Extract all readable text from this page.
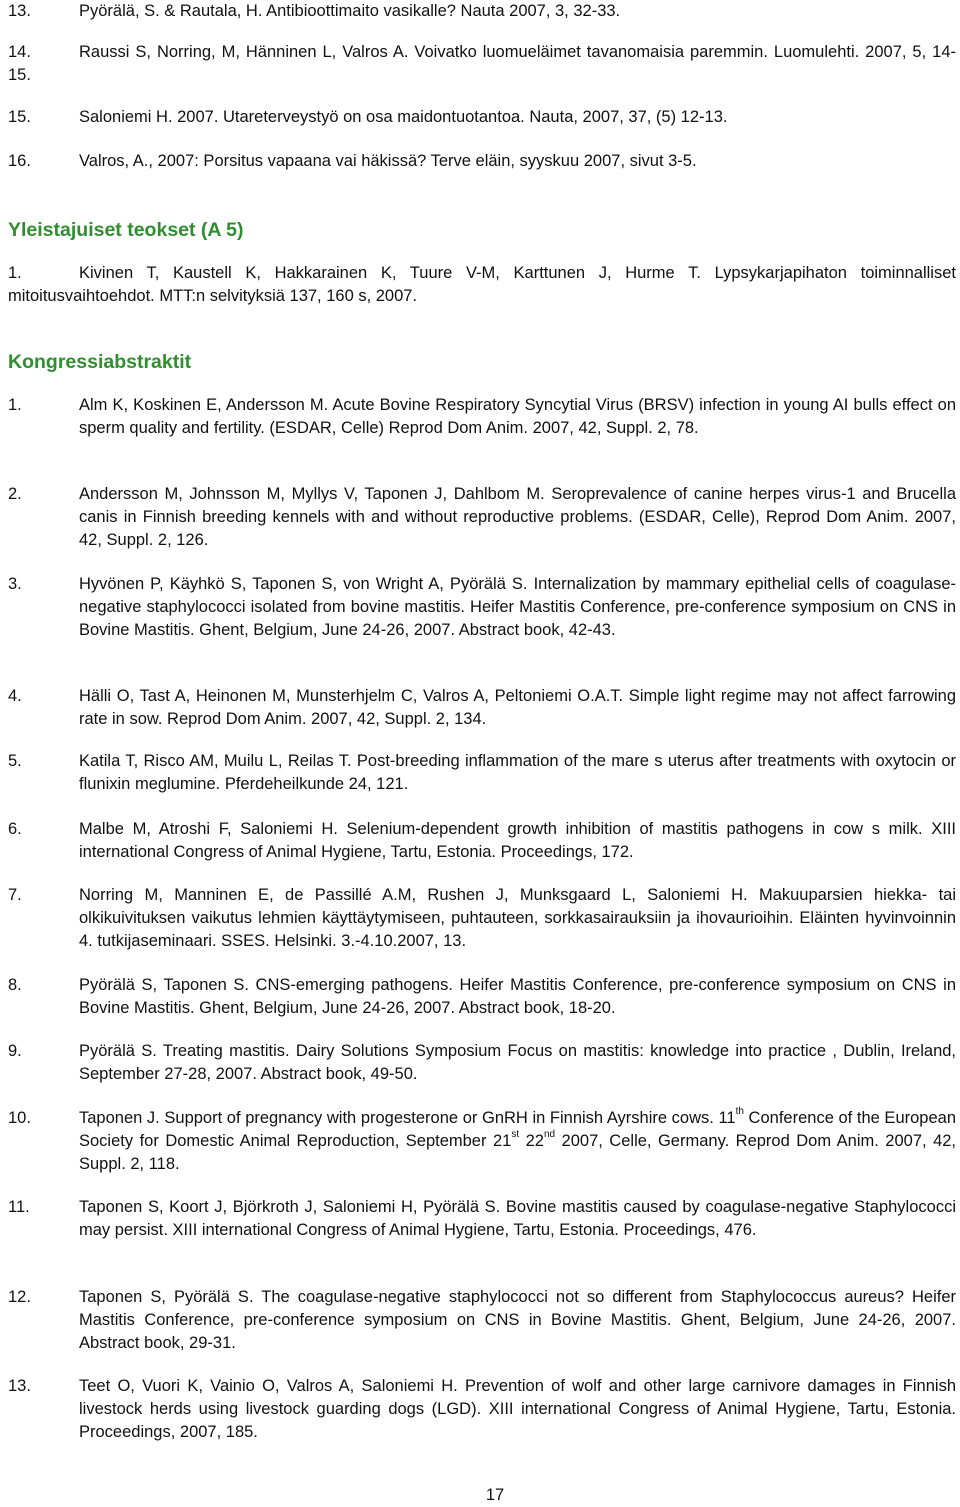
13.	Pyörälä, S. & Rautala, H. Antibioottimaito vasikalle? Nauta 2007, 3, 32-33.
14.	Raussi S, Norring, M, Hänninen L, Valros A. Voivatko luomueläimet tavanomaisia paremmin. Luomulehti. 2007, 5, 14-15.
15.	Saloniemi H. 2007. Utareterveystyö on osa maidontuotantoa. Nauta, 2007, 37, (5) 12-13.
16.	Valros, A., 2007: Porsitus vapaana vai häkissä? Terve eläin, syyskuu 2007, sivut 3-5.
Yleistajuiset teokset (A 5)
1.	Kivinen T, Kaustell K, Hakkarainen K, Tuure V-M, Karttunen J, Hurme T. Lypsykarjapihaton toiminnalliset mitoitusvaihtoehdot. MTT:n selvityksiä 137, 160 s, 2007.
Kongressiabstraktit
1.	Alm K, Koskinen E, Andersson M. Acute Bovine Respiratory Syncytial Virus (BRSV) infection in young AI bulls effect on sperm quality and fertility. (ESDAR, Celle) Reprod Dom Anim. 2007, 42, Suppl. 2, 78.
2.	Andersson M, Johnsson M, Myllys V, Taponen J, Dahlbom M. Seroprevalence of canine herpes virus-1 and Brucella canis in Finnish breeding kennels with and without reproductive problems. (ESDAR, Celle), Reprod Dom Anim. 2007, 42, Suppl. 2, 126.
3.	Hyvönen P, Käyhkö S, Taponen S, von Wright A, Pyörälä S. Internalization by mammary epithelial cells of coagulase-negative staphylococci isolated from bovine mastitis. Heifer Mastitis Conference, pre-conference symposium on CNS in Bovine Mastitis. Ghent, Belgium, June 24-26, 2007. Abstract book, 42-43.
4.	Hälli O, Tast A, Heinonen M, Munsterhjelm C, Valros A, Peltoniemi O.A.T. Simple light regime may not affect farrowing rate in sow. Reprod Dom Anim. 2007, 42, Suppl. 2, 134.
5.	Katila T, Risco AM, Muilu L, Reilas T. Post-breeding inflammation of the mare s uterus after treatments with oxytocin or flunixin meglumine. Pferdeheilkunde 24, 121.
6.	Malbe M, Atroshi F, Saloniemi H. Selenium-dependent growth inhibition of mastitis pathogens in cow s milk. XIII international Congress of Animal Hygiene, Tartu, Estonia. Proceedings, 172.
7.	Norring M, Manninen E, de Passillé A.M, Rushen J, Munksgaard L, Saloniemi H. Makuuparsien hiekka- tai olkikuivituksen vaikutus lehmien käyttäytymiseen, puhtauteen, sorkkasairauksiin ja ihovaurioihin. Eläinten hyvinvoinnin 4. tutkijaseminaari. SSES. Helsinki. 3.-4.10.2007, 13.
8.	Pyörälä S, Taponen S. CNS-emerging pathogens. Heifer Mastitis Conference, pre-conference symposium on CNS in Bovine Mastitis. Ghent, Belgium, June 24-26, 2007. Abstract book, 18-20.
9.	Pyörälä S. Treating mastitis. Dairy Solutions Symposium Focus on mastitis: knowledge into practice , Dublin, Ireland, September 27-28, 2007. Abstract book, 49-50.
10.	Taponen J. Support of pregnancy with progesterone or GnRH in Finnish Ayrshire cows. 11th Conference of the European Society for Domestic Animal Reproduction, September 21st 22nd 2007, Celle, Germany. Reprod Dom Anim. 2007, 42, Suppl. 2, 118.
11.	Taponen S, Koort J, Björkroth J, Saloniemi H, Pyörälä S. Bovine mastitis caused by coagulase-negative Staphylococci may persist. XIII international Congress of Animal Hygiene, Tartu, Estonia. Proceedings, 476.
12.	Taponen S, Pyörälä S. The coagulase-negative staphylococci not so different from Staphylococcus aureus? Heifer Mastitis Conference, pre-conference symposium on CNS in Bovine Mastitis. Ghent, Belgium, June 24-26, 2007. Abstract book, 29-31.
13.	Teet O, Vuori K, Vainio O, Valros A, Saloniemi H. Prevention of wolf and other large carnivore damages in Finnish livestock herds using livestock guarding dogs (LGD). XIII international Congress of Animal Hygiene, Tartu, Estonia. Proceedings, 2007, 185.
17
